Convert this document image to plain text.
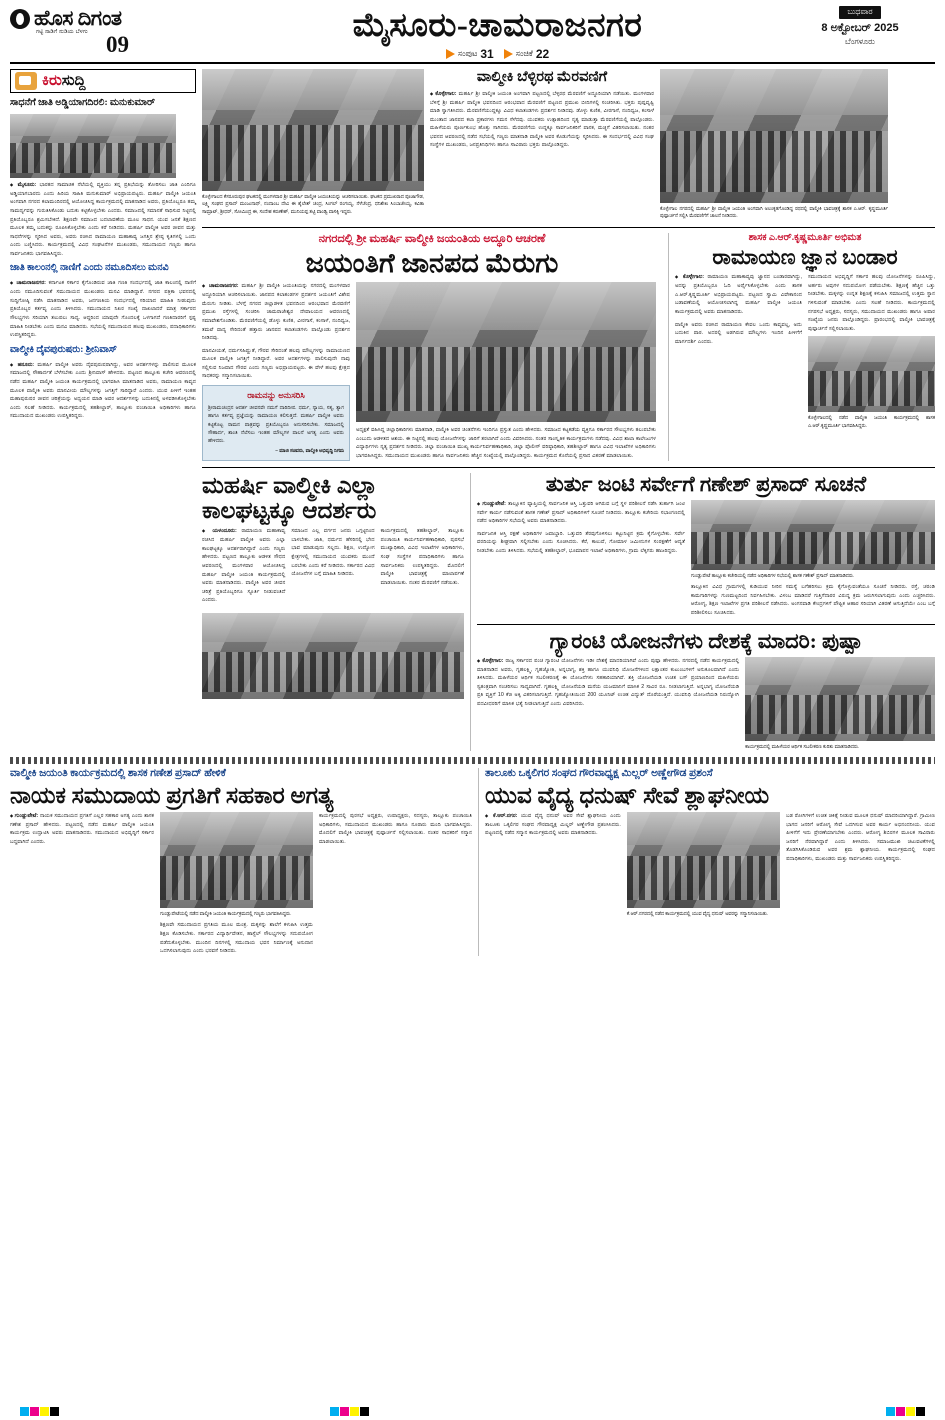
ಹೊಸ ದಿಗಂತ
ಗಟ್ಟಿ ನಾಡಿಗೆ ನುಡಿಯ ಬೆಳಗು 09
ಮೈಸೂರು-ಚಾಮರಾಜನಗರ
ಸಂಪುಟ 31	ಸಂಚಿಕೆ 22
ಬುಧವಾರ
8 ಅಕ್ಟೋಬರ್ 2025
ಬೆಂಗಳೂರು
ಕಿರುಸುದ್ದಿ
ಸಾಧನೆಗೆ ಜಾತಿ ಅಡ್ಡಿಯಾಗದಿರಲಿ: ಮನುಕುಮಾರ್

◆ ಮೈಸೂರು: ಭಾರತದ ಸಾಮಾಜಿಕ ನೆಲೆಯಲ್ಲಿ ವ್ಯಕ್ತಿಯು ತನ್ನ ಪ್ರತಿಭೆಯನ್ನು ತೋರಿಸಲು ಜಾತಿ ಎಂದಿಗೂ ಅಡ್ಡಿಯಾಗಬಾರದು ಎಂದು ಹಿರಿಯ ಸಾಹಿತಿ ಮನುಕುಮಾರ್ ಅಭಿಪ್ರಾಯಪಟ್ಟರು. ಮಹರ್ಷಿ ವಾಲ್ಮೀಕಿ ಜಯಂತಿ ಅಂಗವಾಗಿ ನಗರದ ಕಲಾಮಂದಿರದಲ್ಲಿ ಆಯೋಜಿಸಿದ್ದ ಕಾರ್ಯಕ್ರಮದಲ್ಲಿ ಮಾತನಾಡಿದ ಅವರು, ಪ್ರತಿಯೊಬ್ಬರೂ ತಮ್ಮ ಸಾಮರ್ಥ್ಯವನ್ನು ಗುರುತಿಸಿಕೊಂಡು ಬದುಕು ಕಟ್ಟಿಕೊಳ್ಳಬೇಕು ಎಂದರು. ಸಮಾಜದಲ್ಲಿ ಸಮಾನತೆ ಸಾಧಿಸುವ ನಿಟ್ಟಿನಲ್ಲಿ ಪ್ರತಿಯೊಬ್ಬರೂ ಶ್ರಮಿಸಬೇಕಿದೆ. ಶಿಕ್ಷಣವೇ ಸಮಾಜದ ಬದಲಾವಣೆಯ ಮೂಲ ಸಾಧನ. ಯುವ ಜನತೆ ಶಿಕ್ಷಣದ ಮೂಲಕ ತಮ್ಮ ಬದುಕನ್ನು ರೂಪಿಸಿಕೊಳ್ಳಬೇಕು ಎಂದು ಕರೆ ನೀಡಿದರು. ಮಹರ್ಷಿ ವಾಲ್ಮೀಕಿ ಅವರ ಜೀವನ ಮತ್ತು ಸಾಧನೆಗಳನ್ನು ಸ್ಮರಿಸಿದ ಅವರು, ಅವರು ರಚಿಸಿದ ರಾಮಾಯಣ ಮಹಾಕಾವ್ಯ ಜಗತ್ತಿನ ಶ್ರೇಷ್ಠ ಕೃತಿಗಳಲ್ಲಿ ಒಂದು ಎಂದು ಬಣ್ಣಿಸಿದರು. ಕಾರ್ಯಕ್ರಮದಲ್ಲಿ ವಿವಿಧ ಸಂಘಟನೆಗಳ ಮುಖಂಡರು, ಸಮುದಾಯದ ಗಣ್ಯರು ಹಾಗೂ ಸಾರ್ವಜನಿಕರು ಭಾಗವಹಿಸಿದ್ದರು.

ಜಾತಿ ಕಾಲಂನಲ್ಲಿ ನಾಣಿಗೆ ಎಂದು ನಮೂದಿಸಲು ಮನವಿ

◆ ಚಾಮರಾಜನಗರ: ಕರ್ನಾಟಕ ಸರ್ಕಾರ ಕೈಗೊಂಡಿರುವ ಜಾತಿ ಗಣತಿ ಸಂದರ್ಭದಲ್ಲಿ ಜಾತಿ ಕಾಲಂನಲ್ಲಿ ನಾಣಿಗೆ ಎಂದು ನಮೂದಿಸುವಂತೆ ಸಮುದಾಯದ ಮುಖಂಡರು ಮನವಿ ಮಾಡಿದ್ದಾರೆ. ನಗರದ ಪತ್ರಿಕಾ ಭವನದಲ್ಲಿ ಸುದ್ದಿಗೋಷ್ಠಿ ನಡೆಸಿ ಮಾತನಾಡಿದ ಅವರು, ಜನಗಣತಿಯ ಸಂದರ್ಭದಲ್ಲಿ ಸರಿಯಾದ ಮಾಹಿತಿ ನೀಡುವುದು ಪ್ರತಿಯೊಬ್ಬರ ಕರ್ತವ್ಯ ಎಂದು ತಿಳಿಸಿದರು. ಸಮುದಾಯದ ನಿಖರ ಸಂಖ್ಯೆ ದಾಖಲಾದರೆ ಮಾತ್ರ ಸರ್ಕಾರದ ಸೌಲಭ್ಯಗಳು ಸರಿಯಾಗಿ ತಲುಪಲು ಸಾಧ್ಯ. ಆದ್ದರಿಂದ ಯಾವುದೇ ಗೊಂದಲಕ್ಕೆ ಒಳಗಾಗದೆ ಗಣತಿದಾರರಿಗೆ ಸ್ಪಷ್ಟ ಮಾಹಿತಿ ನೀಡಬೇಕು ಎಂದು ಮನವಿ ಮಾಡಿದರು. ಸಭೆಯಲ್ಲಿ ಸಮುದಾಯದ ಹಲವು ಮುಖಂಡರು, ಪದಾಧಿಕಾರಿಗಳು ಉಪಸ್ಥಿತರಿದ್ದರು.

ವಾಲ್ಮೀಕಿ ದೈವಪುರುಷರು: ಶ್ರೀನಿವಾಸ್

◆ ಹನೂರು: ಮಹರ್ಷಿ ವಾಲ್ಮೀಕಿ ಅವರು ದೈವಪುರುಷರಾಗಿದ್ದು, ಅವರ ಆದರ್ಶಗಳನ್ನು ಪಾಲಿಸುವ ಮೂಲಕ ಸಮಾಜದಲ್ಲಿ ಸೌಹಾರ್ದತೆ ಬೆಳೆಸಬೇಕು ಎಂದು ಶ್ರೀನಿವಾಸ್ ಹೇಳಿದರು. ಪಟ್ಟಣದ ತಾಲ್ಲೂಕು ಕಚೇರಿ ಆವರಣದಲ್ಲಿ ನಡೆದ ಮಹರ್ಷಿ ವಾಲ್ಮೀಕಿ ಜಯಂತಿ ಕಾರ್ಯಕ್ರಮದಲ್ಲಿ ಭಾಗವಹಿಸಿ ಮಾತನಾಡಿದ ಅವರು, ರಾಮಾಯಣ ಕಾವ್ಯದ ಮೂಲಕ ವಾಲ್ಮೀಕಿ ಅವರು ಮಾನವೀಯ ಮೌಲ್ಯಗಳನ್ನು ಜಗತ್ತಿಗೆ ಸಾರಿದ್ದಾರೆ ಎಂದರು. ಯುವ ಪೀಳಿಗೆ ಇಂತಹ ಮಹಾಪುರುಷರ ಜೀವನ ಚರಿತ್ರೆಯನ್ನು ಅಧ್ಯಯನ ಮಾಡಿ ಅವರ ಆದರ್ಶಗಳನ್ನು ಬದುಕಿನಲ್ಲಿ ಅಳವಡಿಸಿಕೊಳ್ಳಬೇಕು ಎಂದು ಸಲಹೆ ನೀಡಿದರು. ಕಾರ್ಯಕ್ರಮದಲ್ಲಿ ತಹಶೀಲ್ದಾರ್, ತಾಲ್ಲೂಕು ಪಂಚಾಯಿತಿ ಅಧಿಕಾರಿಗಳು ಹಾಗೂ ಸಮುದಾಯದ ಮುಖಂಡರು ಉಪಸ್ಥಿತರಿದ್ದರು.

ಕೊಳ್ಳೇಗಾಲದ ಕೆಸರೂರುಪುರ ಘಟಕದಲ್ಲಿ ಮಂಗಳವಾರ ಶ್ರೀ ಮಹರ್ಷಿ ವಾಲ್ಮೀಕಿ ಜಯಂತಿಯನ್ನು ಆಚರಿಸಲಾಯಿತು. ಘಟಕದ ಪ್ರಮುಖರಾದ ಪೂಜಾಗೌಡ, ಲಕ್ಷ್ಮಿ ಸಂಘದ ಪ್ರಸಾದ್ ಮಂಜುನಾಥ್, ನಂದಾಂಬ ದೇವಿ ಈ ಶೈಲೇಶ್ ಚಂದ್ರ, ಸಿಂಗಲ್ ರಂಗಯ್ಯ, ನೆಳೆಚೆಂದ್ರ, ಧನಿಶೇಖ ಸಿಂಬಾಜೇಯ್ಯ, ಕವಿತಾ ಸಾಮ್ರಾಟ್, ಶ್ರೀಧರ್, ಸೋಮಿಂದ್ರ ಈ, ಸಂದೇಶ ಕರುಣೇಶ್, ಮುನಿಯಪ್ಪ ತಟ್ಟಿ ವಾಂಡ್ವಿ ವಾಸಕ್ಕಿ ಇದ್ದರು.
ವಾಲ್ಮೀಕಿ ಬೆಳ್ಳಿರಥ ಮೆರವಣಿಗೆ

◆ ಕೊಳ್ಳೇಗಾಲ: ಮಹರ್ಷಿ ಶ್ರೀ ವಾಲ್ಮೀಕಿ ಜಯಂತಿ ಅಂಗವಾಗಿ ಪಟ್ಟಣದಲ್ಲಿ ಬೆಳ್ಳಿರಥ ಮೆರವಣಿಗೆ ಅದ್ಧೂರಿಯಾಗಿ ನಡೆಯಿತು. ಮಂಗಳವಾರ ಬೆಳಿಗ್ಗೆ ಶ್ರೀ ಮಹರ್ಷಿ ವಾಲ್ಮೀಕಿ ಭವನದಿಂದ ಆರಂಭವಾದ ಮೆರವಣಿಗೆ ಪಟ್ಟಣದ ಪ್ರಮುಖ ಬೀದಿಗಳಲ್ಲಿ ಸಂಚರಿಸಿತು. ಭಕ್ತರು ಪುಷ್ಪವೃಷ್ಟಿ ಮಾಡಿ ಸ್ವಾಗತಿಸಿದರು. ಮೆರವಣಿಗೆಯುದ್ದಕ್ಕೂ ವಿವಿಧ ಕಲಾತಂಡಗಳು ಪ್ರದರ್ಶನ ನೀಡಿದವು. ಡೊಳ್ಳು ಕುಣಿತ, ವೀರಗಾಸೆ, ನಂದಿಧ್ವಜ, ಕಂಸಾಳೆ ಮುಂತಾದ ಜಾನಪದ ಕಲಾ ಪ್ರಕಾರಗಳು ಗಮನ ಸೆಳೆದವು. ಯುವಕರು ಉತ್ಸಾಹದಿಂದ ನೃತ್ಯ ಮಾಡುತ್ತಾ ಮೆರವಣಿಗೆಯಲ್ಲಿ ಪಾಲ್ಗೊಂಡರು. ಮಹಿಳೆಯರು ಪೂರ್ಣಕುಂಭ ಹೊತ್ತು ಸಾಗಿದರು. ಮೆರವಣಿಗೆಯ ಉದ್ದಕ್ಕೂ ಸಾರ್ವಜನಿಕರಿಗೆ ಪಾನಕ, ಮಜ್ಜಿಗೆ ವಿತರಿಸಲಾಯಿತು. ನಂತರ ಭವನದ ಆವರಣದಲ್ಲಿ ನಡೆದ ಸಭೆಯಲ್ಲಿ ಗಣ್ಯರು ಮಾತನಾಡಿ ವಾಲ್ಮೀಕಿ ಅವರ ಕೊಡುಗೆಯನ್ನು ಸ್ಮರಿಸಿದರು. ಈ ಸಂದರ್ಭದಲ್ಲಿ ವಿವಿಧ ಸಂಘ ಸಂಸ್ಥೆಗಳ ಮುಖಂಡರು, ಜನಪ್ರತಿನಿಧಿಗಳು ಹಾಗೂ ಸಾವಿರಾರು ಭಕ್ತರು ಪಾಲ್ಗೊಂಡಿದ್ದರು.

ಕೊಳ್ಳೇಗಾಲ ನಗರದಲ್ಲಿ ಮಹರ್ಷಿ ಶ್ರೀ ವಾಲ್ಮೀಕಿ ಜಯಂತಿ ಅಂಗವಾಗಿ ಅಲಂಕೃತಗೊಂಡಿದ್ದ ರಥದಲ್ಲಿ ವಾಲ್ಮೀಕಿ ಭಾವಚಿತ್ರಕ್ಕೆ ಶಾಸಕ ಎ.ಆರ್. ಕೃಷ್ಣಮೂರ್ತಿ ಪುಷ್ಪಾರ್ಚನೆ ಸಲ್ಲಿಸಿ ಮೆರವಣಿಗೆಗೆ ಚಾಲನೆ ನೀಡಿದರು.
ನಗರದಲ್ಲಿ ಶ್ರೀ ಮಹರ್ಷಿ ವಾಲ್ಮೀಕಿ ಜಯಂತಿಯ ಅದ್ಧೂರಿ ಆಚರಣೆ
ಜಯಂತಿಗೆ ಜಾನಪದ ಮೆರುಗು

◆ ಚಾಮರಾಜನಗರ: ಮಹರ್ಷಿ ಶ್ರೀ ವಾಲ್ಮೀಕಿ ಜಯಂತಿಯನ್ನು ನಗರದಲ್ಲಿ ಮಂಗಳವಾರ ಅದ್ಧೂರಿಯಾಗಿ ಆಚರಿಸಲಾಯಿತು. ಜಾನಪದ ಕಲಾತಂಡಗಳ ಪ್ರದರ್ಶನ ಜಯಂತಿಗೆ ವಿಶೇಷ ಮೆರುಗು ನೀಡಿತು. ಬೆಳಗ್ಗೆ ನಗರದ ಜಿಲ್ಲಾಡಳಿತ ಭವನದಿಂದ ಆರಂಭವಾದ ಮೆರವಣಿಗೆ ಪ್ರಮುಖ ರಸ್ತೆಗಳಲ್ಲಿ ಸಂಚರಿಸಿ ಚಾಮರಾಜೇಶ್ವರ ದೇವಾಲಯದ ಆವರಣದಲ್ಲಿ ಸಮಾವೇಶಗೊಂಡಿತು. ಮೆರವಣಿಗೆಯಲ್ಲಿ ಡೊಳ್ಳು ಕುಣಿತ, ವೀರಗಾಸೆ, ಕಂಸಾಳೆ, ನಂದಿಧ್ವಜ, ತಮಟೆ ವಾದ್ಯ ಸೇರಿದಂತೆ ಹತ್ತಾರು ಜಾನಪದ ಕಲಾತಂಡಗಳು ಪಾಲ್ಗೊಂಡು ಪ್ರದರ್ಶನ ನೀಡಿದವು.

ಮಾನವೀಯತೆ, ಧರ್ಮಸಹಿಷ್ಣುತೆ, ಗೌರವ ಸೇರಿದಂತೆ ಹಲವು ಮೌಲ್ಯಗಳನ್ನು ರಾಮಾಯಣದ ಮೂಲಕ ವಾಲ್ಮೀಕಿ ಜಗತ್ತಿಗೆ ನೀಡಿದ್ದಾರೆ. ಅವರ ಆದರ್ಶಗಳನ್ನು ಪಾಲಿಸುವುದೇ ನಾವು ಸಲ್ಲಿಸುವ ನಿಜವಾದ ಗೌರವ ಎಂದು ಗಣ್ಯರು ಅಭಿಪ್ರಾಯಪಟ್ಟರು. ಈ ವೇಳೆ ಹಲವು ಕ್ಷೇತ್ರದ ಸಾಧಕರನ್ನು ಸನ್ಮಾನಿಸಲಾಯಿತು.

ರಾಮನನ್ನು ಅನುಸರಿಸಿ
ಶ್ರೀರಾಮಚಂದ್ರನ ಆದರ್ಶ ಜೀವನವೇ ನಮಗೆ ದಾರಿದೀಪ. ಧರ್ಮ, ನ್ಯಾಯ, ಸತ್ಯ, ತ್ಯಾಗ ಹಾಗೂ ಕರ್ತವ್ಯ ಪ್ರಜ್ಞೆಯನ್ನು ರಾಮಾಯಣ ಕಲಿಸುತ್ತದೆ. ಮಹರ್ಷಿ ವಾಲ್ಮೀಕಿ ಅವರು ಕಟ್ಟಿಕೊಟ್ಟ ರಾಮನ ಪಾತ್ರವನ್ನು ಪ್ರತಿಯೊಬ್ಬರೂ ಅನುಸರಿಸಬೇಕು. ಸಮಾಜದಲ್ಲಿ ಸೌಹಾರ್ದ, ಶಾಂತಿ ನೆಲೆಸಲು ಇಂತಹ ಮೌಲ್ಯಗಳ ಪಾಲನೆ ಅಗತ್ಯ ಎಂದು ಅವರು ಹೇಳಿದರು.
– ಮಾಜಿ ಸಚಿವರು, ವಾಲ್ಮೀಕಿ ಅಭಿವೃದ್ಧಿ ನಿಗಮ
ಅಧ್ಯಕ್ಷತೆ ವಹಿಸಿದ್ದ ಜಿಲ್ಲಾಧಿಕಾರಿಗಳು ಮಾತನಾಡಿ, ವಾಲ್ಮೀಕಿ ಅವರ ಚಿಂತನೆಗಳು ಇಂದಿಗೂ ಪ್ರಸ್ತುತ ಎಂದು ಹೇಳಿದರು. ಸಮಾಜದ ಕಟ್ಟಕಡೆಯ ವ್ಯಕ್ತಿಗೂ ಸರ್ಕಾರದ ಸೌಲಭ್ಯಗಳು ತಲುಪಬೇಕು ಎಂಬುದು ಆಡಳಿತದ ಆಶಯ. ಈ ನಿಟ್ಟಿನಲ್ಲಿ ಹಲವು ಯೋಜನೆಗಳನ್ನು ಜಾರಿಗೆ ತರಲಾಗಿದೆ ಎಂದು ವಿವರಿಸಿದರು. ನಂತರ ಸಾಂಸ್ಕೃತಿಕ ಕಾರ್ಯಕ್ರಮಗಳು ನಡೆದವು. ವಿವಿಧ ಶಾಲಾ ಕಾಲೇಜುಗಳ ವಿದ್ಯಾರ್ಥಿಗಳು ನೃತ್ಯ ಪ್ರದರ್ಶನ ನೀಡಿದರು. ಜಿಲ್ಲಾ ಪಂಚಾಯಿತಿ ಮುಖ್ಯ ಕಾರ್ಯನಿರ್ವಹಣಾಧಿಕಾರಿ, ಜಿಲ್ಲಾ ಪೊಲೀಸ್ ವರಿಷ್ಠಾಧಿಕಾರಿ, ತಹಶೀಲ್ದಾರ್ ಹಾಗೂ ವಿವಿಧ ಇಲಾಖೆಗಳ ಅಧಿಕಾರಿಗಳು ಭಾಗವಹಿಸಿದ್ದರು. ಸಮುದಾಯದ ಮುಖಂಡರು ಹಾಗೂ ಸಾರ್ವಜನಿಕರು ಹೆಚ್ಚಿನ ಸಂಖ್ಯೆಯಲ್ಲಿ ಪಾಲ್ಗೊಂಡಿದ್ದರು. ಕಾರ್ಯಕ್ರಮದ ಕೊನೆಯಲ್ಲಿ ಪ್ರಸಾದ ವಿತರಣೆ ಮಾಡಲಾಯಿತು.
ಶಾಸಕ ಎ.ಆರ್.ಕೃಷ್ಣಮೂರ್ತಿ ಅಭಿಮತ
ರಾಮಾಯಣ ಜ್ಞಾನ ಬಂಡಾರ

◆ ಕೊಳ್ಳೇಗಾಲ: ರಾಮಾಯಣ ಮಹಾಕಾವ್ಯವು ಜ್ಞಾನದ ಬಂಡಾರವಾಗಿದ್ದು, ಅದನ್ನು ಪ್ರತಿಯೊಬ್ಬರೂ ಓದಿ ಅರ್ಥೈಸಿಕೊಳ್ಳಬೇಕು ಎಂದು ಶಾಸಕ ಎ.ಆರ್.ಕೃಷ್ಣಮೂರ್ತಿ ಅಭಿಪ್ರಾಯಪಟ್ಟರು. ಪಟ್ಟಣದ ಸ್ವಾಮಿ ವಿವೇಕಾನಂದ ಬಡಾವಣೆಯಲ್ಲಿ ಆಯೋಜಿಸಲಾಗಿದ್ದ ಮಹರ್ಷಿ ವಾಲ್ಮೀಕಿ ಜಯಂತಿ ಕಾರ್ಯಕ್ರಮದಲ್ಲಿ ಅವರು ಮಾತನಾಡಿದರು.

ವಾಲ್ಮೀಕಿ ಅವರು ರಚಿಸಿದ ರಾಮಾಯಣ ಕೇವಲ ಒಂದು ಕಾವ್ಯವಲ್ಲ, ಅದು ಬದುಕಿನ ಪಾಠ. ಅದರಲ್ಲಿ ಅಡಗಿರುವ ಮೌಲ್ಯಗಳು ಇಂದಿನ ಪೀಳಿಗೆಗೆ ಮಾರ್ಗದರ್ಶಿ ಎಂದರು.

ಸಮುದಾಯದ ಅಭಿವೃದ್ಧಿಗೆ ಸರ್ಕಾರ ಹಲವು ಯೋಜನೆಗಳನ್ನು ರೂಪಿಸಿದ್ದು, ಅರ್ಹರು ಅವುಗಳ ಸದುಪಯೋಗ ಪಡೆಯಬೇಕು. ಶಿಕ್ಷಣಕ್ಕೆ ಹೆಚ್ಚಿನ ಒತ್ತು ನೀಡಬೇಕು. ಮಕ್ಕಳನ್ನು ಉನ್ನತ ಶಿಕ್ಷಣಕ್ಕೆ ಕಳುಹಿಸಿ ಸಮಾಜದಲ್ಲಿ ಉತ್ತಮ ಸ್ಥಾನ ಗಳಿಸುವಂತೆ ಮಾಡಬೇಕು ಎಂದು ಸಲಹೆ ನೀಡಿದರು. ಕಾರ್ಯಕ್ರಮದಲ್ಲಿ ನಗರಸಭೆ ಅಧ್ಯಕ್ಷರು, ಸದಸ್ಯರು, ಸಮುದಾಯದ ಮುಖಂಡರು ಹಾಗೂ ಅಪಾರ ಸಂಖ್ಯೆಯ ಜನರು ಪಾಲ್ಗೊಂಡಿದ್ದರು. ಪ್ರಾರಂಭದಲ್ಲಿ ವಾಲ್ಮೀಕಿ ಭಾವಚಿತ್ರಕ್ಕೆ ಪುಷ್ಪಾರ್ಚನೆ ಸಲ್ಲಿಸಲಾಯಿತು.
ಕೊಳ್ಳೇಗಾಲದಲ್ಲಿ ನಡೆದ ವಾಲ್ಮೀಕಿ ಜಯಂತಿ ಕಾರ್ಯಕ್ರಮದಲ್ಲಿ ಶಾಸಕ ಎ.ಆರ್.ಕೃಷ್ಣಮೂರ್ತಿ ಭಾಗವಹಿಸಿದ್ದರು.
ಮಹರ್ಷಿ ವಾಲ್ಮೀಕಿ ಎಲ್ಲಾ ಕಾಲಘಟ್ಟಕ್ಕೂ ಆದರ್ಶರು

◆ ಯಳಂದೂರು: ರಾಮಾಯಣ ಮಹಾಕಾವ್ಯ ರಚಿಸಿದ ಮಹರ್ಷಿ ವಾಲ್ಮೀಕಿ ಅವರು ಎಲ್ಲಾ ಕಾಲಘಟ್ಟಕ್ಕೂ ಆದರ್ಶರಾಗಿದ್ದಾರೆ ಎಂದು ಗಣ್ಯರು ಹೇಳಿದರು. ಪಟ್ಟಣದ ತಾಲ್ಲೂಕು ಆಡಳಿತ ಸೌಧದ ಆವರಣದಲ್ಲಿ ಮಂಗಳವಾರ ಆಯೋಜಿಸಿದ್ದ ಮಹರ್ಷಿ ವಾಲ್ಮೀಕಿ ಜಯಂತಿ ಕಾರ್ಯಕ್ರಮದಲ್ಲಿ ಅವರು ಮಾತನಾಡಿದರು. ವಾಲ್ಮೀಕಿ ಅವರ ಜೀವನ ಚರಿತ್ರೆ ಪ್ರತಿಯೊಬ್ಬರಿಗೂ ಸ್ಫೂರ್ತಿ ನೀಡುವಂತಿದೆ ಎಂದರು.

ಸಮಾಜದ ಎಲ್ಲ ವರ್ಗದ ಜನರು ಒಗ್ಗಟ್ಟಿನಿಂದ ಬಾಳಬೇಕು. ಜಾತಿ, ಧರ್ಮದ ಹೆಸರಿನಲ್ಲಿ ಭೇದ ಭಾವ ಮಾಡುವುದು ಸಲ್ಲದು. ಶಿಕ್ಷಣ, ಉದ್ಯೋಗ ಕ್ಷೇತ್ರಗಳಲ್ಲಿ ಸಮುದಾಯದ ಯುವಕರು ಮುಂದೆ ಬರಬೇಕು ಎಂದು ಕರೆ ನೀಡಿದರು. ಸರ್ಕಾರದ ವಿವಿಧ ಯೋಜನೆಗಳ ಬಗ್ಗೆ ಮಾಹಿತಿ ನೀಡಿದರು.
ಕಾರ್ಯಕ್ರಮದಲ್ಲಿ ತಹಶೀಲ್ದಾರ್, ತಾಲ್ಲೂಕು ಪಂಚಾಯಿತಿ ಕಾರ್ಯನಿರ್ವಹಣಾಧಿಕಾರಿ, ಪುರಸಭೆ ಮುಖ್ಯಾಧಿಕಾರಿ, ವಿವಿಧ ಇಲಾಖೆಗಳ ಅಧಿಕಾರಿಗಳು, ಸಂಘ ಸಂಸ್ಥೆಗಳ ಪದಾಧಿಕಾರಿಗಳು ಹಾಗೂ ಸಾರ್ವಜನಿಕರು ಉಪಸ್ಥಿತರಿದ್ದರು. ಮೊದಲಿಗೆ ವಾಲ್ಮೀಕಿ ಭಾವಚಿತ್ರಕ್ಕೆ ಮಾಲಾರ್ಪಣೆ ಮಾಡಲಾಯಿತು. ನಂತರ ಮೆರವಣಿಗೆ ನಡೆಯಿತು.
ತುರ್ತು ಜಂಟಿ ಸರ್ವೇಗೆ ಗಣೇಶ್ ಪ್ರಸಾದ್ ಸೂಚನೆ

◆ ಗುಂಡ್ಲುಪೇಟೆ: ತಾಲ್ಲೂಕಿನ ವ್ಯಾಪ್ತಿಯಲ್ಲಿ ಸಾರ್ವಜನಿಕ ಆಸ್ತಿ ಒತ್ತುವರಿ ಆಗಿರುವ ಬಗ್ಗೆ ಸ್ಥಳ ಪರಿಶೀಲನೆ ನಡೆಸಿ ತುರ್ತಾಗಿ ಜಂಟಿ ಸರ್ವೇ ಕಾರ್ಯ ನಡೆಸುವಂತೆ ಶಾಸಕ ಗಣೇಶ್ ಪ್ರಸಾದ್ ಅಧಿಕಾರಿಗಳಿಗೆ ಸೂಚನೆ ನೀಡಿದರು. ತಾಲ್ಲೂಕು ಕಚೇರಿಯ ಸಭಾಂಗಣದಲ್ಲಿ ನಡೆದ ಅಧಿಕಾರಿಗಳ ಸಭೆಯಲ್ಲಿ ಅವರು ಮಾತನಾಡಿದರು.

ಸಾರ್ವಜನಿಕ ಆಸ್ತಿ ರಕ್ಷಣೆ ಅಧಿಕಾರಿಗಳ ಜವಾಬ್ದಾರಿ. ಒತ್ತುವರಿ ತೆರವುಗೊಳಿಸಲು ಕಟ್ಟುನಿಟ್ಟಿನ ಕ್ರಮ ಕೈಗೊಳ್ಳಬೇಕು. ಸರ್ವೇ ವರದಿಯನ್ನು ಶೀಘ್ರವಾಗಿ ಸಲ್ಲಿಸಬೇಕು ಎಂದು ಸೂಚಿಸಿದರು. ಕೆರೆ, ಕಾಲುವೆ, ಗೋಮಾಳ ಜಮೀನುಗಳ ಸಂರಕ್ಷಣೆಗೆ ಆದ್ಯತೆ ನೀಡಬೇಕು ಎಂದು ತಿಳಿಸಿದರು. ಸಭೆಯಲ್ಲಿ ತಹಶೀಲ್ದಾರ್, ಭೂಮಾಪನ ಇಲಾಖೆ ಅಧಿಕಾರಿಗಳು, ಗ್ರಾಮ ಲೆಕ್ಕಿಗರು ಹಾಜರಿದ್ದರು.

ಗುಂಡ್ಲುಪೇಟೆ ತಾಲ್ಲೂಕು ಕಚೇರಿಯಲ್ಲಿ ನಡೆದ ಅಧಿಕಾರಿಗಳ ಸಭೆಯಲ್ಲಿ ಶಾಸಕ ಗಣೇಶ್ ಪ್ರಸಾದ್ ಮಾತನಾಡಿದರು.
ತಾಲ್ಲೂಕಿನ ವಿವಿಧ ಗ್ರಾಮಗಳಲ್ಲಿ ಕುಡಿಯುವ ನೀರಿನ ಸಮಸ್ಯೆ ಬಗೆಹರಿಸಲು ಕ್ರಮ ಕೈಗೊಳ್ಳುವಂತೆಯೂ ಸೂಚನೆ ನೀಡಿದರು. ರಸ್ತೆ, ಚರಂಡಿ ಕಾಮಗಾರಿಗಳನ್ನು ಗುಣಮಟ್ಟದಿಂದ ನಿರ್ವಹಿಸಬೇಕು. ವಿಳಂಬ ಮಾಡಿದರೆ ಗುತ್ತಿಗೆದಾರರ ವಿರುದ್ಧ ಕ್ರಮ ಜರುಗಿಸಲಾಗುವುದು ಎಂದು ಎಚ್ಚರಿಸಿದರು. ಆರೋಗ್ಯ, ಶಿಕ್ಷಣ ಇಲಾಖೆಗಳ ಪ್ರಗತಿ ಪರಿಶೀಲನೆ ನಡೆಸಿದರು. ಅಂಗನವಾಡಿ ಕೇಂದ್ರಗಳಿಗೆ ಪೌಷ್ಟಿಕ ಆಹಾರ ಸರಿಯಾಗಿ ವಿತರಣೆ ಆಗುತ್ತಿದೆಯೇ ಎಂಬ ಬಗ್ಗೆ ಪರಿಶೀಲಿಸಲು ಸೂಚಿಸಿದರು.
ಗ್ಯಾರಂಟಿ ಯೋಜನೆಗಳು ದೇಶಕ್ಕೆ ಮಾದರಿ: ಪುಷ್ಪಾ

◆ ಕೊಳ್ಳೇಗಾಲ: ರಾಜ್ಯ ಸರ್ಕಾರದ ಪಂಚ ಗ್ಯಾರಂಟಿ ಯೋಜನೆಗಳು ಇಡೀ ದೇಶಕ್ಕೆ ಮಾದರಿಯಾಗಿವೆ ಎಂದು ಪುಷ್ಪಾ ಹೇಳಿದರು. ನಗರದಲ್ಲಿ ನಡೆದ ಕಾರ್ಯಕ್ರಮದಲ್ಲಿ ಮಾತನಾಡಿದ ಅವರು, ಗೃಹಲಕ್ಷ್ಮಿ, ಗೃಹಜ್ಯೋತಿ, ಅನ್ನಭಾಗ್ಯ, ಶಕ್ತಿ ಹಾಗೂ ಯುವನಿಧಿ ಯೋಜನೆಗಳಿಂದ ಲಕ್ಷಾಂತರ ಕುಟುಂಬಗಳಿಗೆ ಅನುಕೂಲವಾಗಿದೆ ಎಂದು ತಿಳಿಸಿದರು. ಮಹಿಳೆಯರ ಆರ್ಥಿಕ ಸಬಲೀಕರಣಕ್ಕೆ ಈ ಯೋಜನೆಗಳು ಸಹಕಾರಿಯಾಗಿವೆ. ಶಕ್ತಿ ಯೋಜನೆಯಡಿ ಉಚಿತ ಬಸ್ ಪ್ರಯಾಣದಿಂದ ಮಹಿಳೆಯರು ಸ್ವತಂತ್ರವಾಗಿ ಸಂಚರಿಸಲು ಸಾಧ್ಯವಾಗಿದೆ. ಗೃಹಲಕ್ಷ್ಮಿ ಯೋಜನೆಯಡಿ ಮನೆಯ ಯಜಮಾನಿಗೆ ಮಾಸಿಕ 2 ಸಾವಿರ ರೂ. ನೀಡಲಾಗುತ್ತಿದೆ. ಅನ್ನಭಾಗ್ಯ ಯೋಜನೆಯಡಿ ಪ್ರತಿ ವ್ಯಕ್ತಿಗೆ 10 ಕೆಜಿ ಅಕ್ಕಿ ವಿತರಿಸಲಾಗುತ್ತಿದೆ. ಗೃಹಜ್ಯೋತಿಯಿಂದ 200 ಯೂನಿಟ್ ಉಚಿತ ವಿದ್ಯುತ್ ದೊರೆಯುತ್ತಿದೆ. ಯುವನಿಧಿ ಯೋಜನೆಯಡಿ ನಿರುದ್ಯೋಗಿ ಪದವೀಧರರಿಗೆ ಮಾಸಿಕ ಭತ್ಯೆ ನೀಡಲಾಗುತ್ತಿದೆ ಎಂದು ವಿವರಿಸಿದರು.

ಕಾರ್ಯಕ್ರಮದಲ್ಲಿ ಮಹಿಳೆಯರ ಆರ್ಥಿಕ ಸಬಲೀಕರಣ ಕುರಿತು ಮಾತನಾಡಿದರು.
ವಾಲ್ಮೀಕಿ ಜಯಂತಿ ಕಾರ್ಯಕ್ರಮದಲ್ಲಿ ಶಾಸಕ ಗಣೇಶ ಪ್ರಸಾದ್ ಹೇಳಿಕೆ
ನಾಯಕ ಸಮುದಾಯ ಪ್ರಗತಿಗೆ ಸಹಕಾರ ಅಗತ್ಯ

◆ ಗುಂಡ್ಲುಪೇಟೆ: ನಾಯಕ ಸಮುದಾಯದ ಪ್ರಗತಿಗೆ ಎಲ್ಲರ ಸಹಕಾರ ಅಗತ್ಯ ಎಂದು ಶಾಸಕ ಗಣೇಶ ಪ್ರಸಾದ್ ಹೇಳಿದರು. ಪಟ್ಟಣದಲ್ಲಿ ನಡೆದ ಮಹರ್ಷಿ ವಾಲ್ಮೀಕಿ ಜಯಂತಿ ಕಾರ್ಯಕ್ರಮ ಉದ್ಘಾಟಿಸಿ ಅವರು ಮಾತನಾಡಿದರು. ಸಮುದಾಯದ ಅಭಿವೃದ್ಧಿಗೆ ಸರ್ಕಾರ ಬದ್ಧವಾಗಿದೆ ಎಂದರು.

ಗುಂಡ್ಲುಪೇಟೆಯಲ್ಲಿ ನಡೆದ ವಾಲ್ಮೀಕಿ ಜಯಂತಿ ಕಾರ್ಯಕ್ರಮದಲ್ಲಿ ಗಣ್ಯರು ಭಾಗವಹಿಸಿದ್ದರು.
ಶಿಕ್ಷಣವೇ ಸಮುದಾಯದ ಪ್ರಗತಿಯ ಮೂಲ ಮಂತ್ರ. ಮಕ್ಕಳನ್ನು ಶಾಲೆಗೆ ಕಳುಹಿಸಿ ಉತ್ತಮ ಶಿಕ್ಷಣ ಕೊಡಿಸಬೇಕು. ಸರ್ಕಾರದ ವಿದ್ಯಾರ್ಥಿವೇತನ, ಹಾಸ್ಟೆಲ್ ಸೌಲಭ್ಯಗಳನ್ನು ಸದುಪಯೋಗ ಪಡೆದುಕೊಳ್ಳಬೇಕು. ಮುಂದಿನ ದಿನಗಳಲ್ಲಿ ಸಮುದಾಯ ಭವನ ನಿರ್ಮಾಣಕ್ಕೆ ಅನುದಾನ ಒದಗಿಸಲಾಗುವುದು ಎಂದು ಭರವಸೆ ನೀಡಿದರು.
ಕಾರ್ಯಕ್ರಮದಲ್ಲಿ ಪುರಸಭೆ ಅಧ್ಯಕ್ಷರು, ಉಪಾಧ್ಯಕ್ಷರು, ಸದಸ್ಯರು, ತಾಲ್ಲೂಕು ಪಂಚಾಯಿತಿ ಅಧಿಕಾರಿಗಳು, ಸಮುದಾಯದ ಮುಖಂಡರು ಹಾಗೂ ನೂರಾರು ಮಂದಿ ಭಾಗವಹಿಸಿದ್ದರು. ಮೊದಲಿಗೆ ವಾಲ್ಮೀಕಿ ಭಾವಚಿತ್ರಕ್ಕೆ ಪುಷ್ಪಾರ್ಚನೆ ಸಲ್ಲಿಸಲಾಯಿತು. ನಂತರ ಸಾಧಕರಿಗೆ ಸನ್ಮಾನ ಮಾಡಲಾಯಿತು.
ತಾಲೂಕು ಒಕ್ಕಲಿಗರ ಸಂಘದ ಗೌರವಾಧ್ಯಕ್ಷ ಮಿಲ್ಲರ್ ಅಣ್ಣೇಗೌಡ ಪ್ರಶಂಸೆ
ಯುವ ವೈದ್ಯ ಧನುಷ್ ಸೇವೆ ಶ್ಲಾಘನೀಯ

◆ ಕೆ.ಆರ್.ನಗರ: ಯುವ ವೈದ್ಯ ಧನುಷ್ ಅವರ ಸೇವೆ ಶ್ಲಾಘನೀಯ ಎಂದು ತಾಲೂಕು ಒಕ್ಕಲಿಗರ ಸಂಘದ ಗೌರವಾಧ್ಯಕ್ಷ ಮಿಲ್ಲರ್ ಅಣ್ಣೇಗೌಡ ಪ್ರಶಂಸಿಸಿದರು. ಪಟ್ಟಣದಲ್ಲಿ ನಡೆದ ಸನ್ಮಾನ ಕಾರ್ಯಕ್ರಮದಲ್ಲಿ ಅವರು ಮಾತನಾಡಿದರು.

ಕೆ.ಆರ್.ನಗರದಲ್ಲಿ ನಡೆದ ಕಾರ್ಯಕ್ರಮದಲ್ಲಿ ಯುವ ವೈದ್ಯ ಧನುಷ್ ಅವರನ್ನು ಸನ್ಮಾನಿಸಲಾಯಿತು.
ಬಡ ರೋಗಿಗಳಿಗೆ ಉಚಿತ ಚಿಕಿತ್ಸೆ ನೀಡುವ ಮೂಲಕ ಧನುಷ್ ಮಾದರಿಯಾಗಿದ್ದಾರೆ. ಗ್ರಾಮೀಣ ಭಾಗದ ಜನರಿಗೆ ಆರೋಗ್ಯ ಸೇವೆ ಒದಗಿಸುವ ಅವರ ಕಾರ್ಯ ಅಭಿನಂದನೀಯ. ಯುವ ಪೀಳಿಗೆಗೆ ಇದು ಪ್ರೇರಣೆಯಾಗಬೇಕು ಎಂದರು. ಆರೋಗ್ಯ ಶಿಬಿರಗಳ ಮೂಲಕ ಸಾವಿರಾರು ಜನರಿಗೆ ನೆರವಾಗಿದ್ದಾರೆ ಎಂದು ತಿಳಿಸಿದರು. ಸಮಾಜಮುಖಿ ಚಟುವಟಿಕೆಗಳಲ್ಲಿ ತೊಡಗಿಸಿಕೊಂಡಿರುವ ಅವರ ಶ್ರಮ ಶ್ಲಾಘನೀಯ. ಕಾರ್ಯಕ್ರಮದಲ್ಲಿ ಸಂಘದ ಪದಾಧಿಕಾರಿಗಳು, ಮುಖಂಡರು ಮತ್ತು ಸಾರ್ವಜನಿಕರು ಉಪಸ್ಥಿತರಿದ್ದರು.
